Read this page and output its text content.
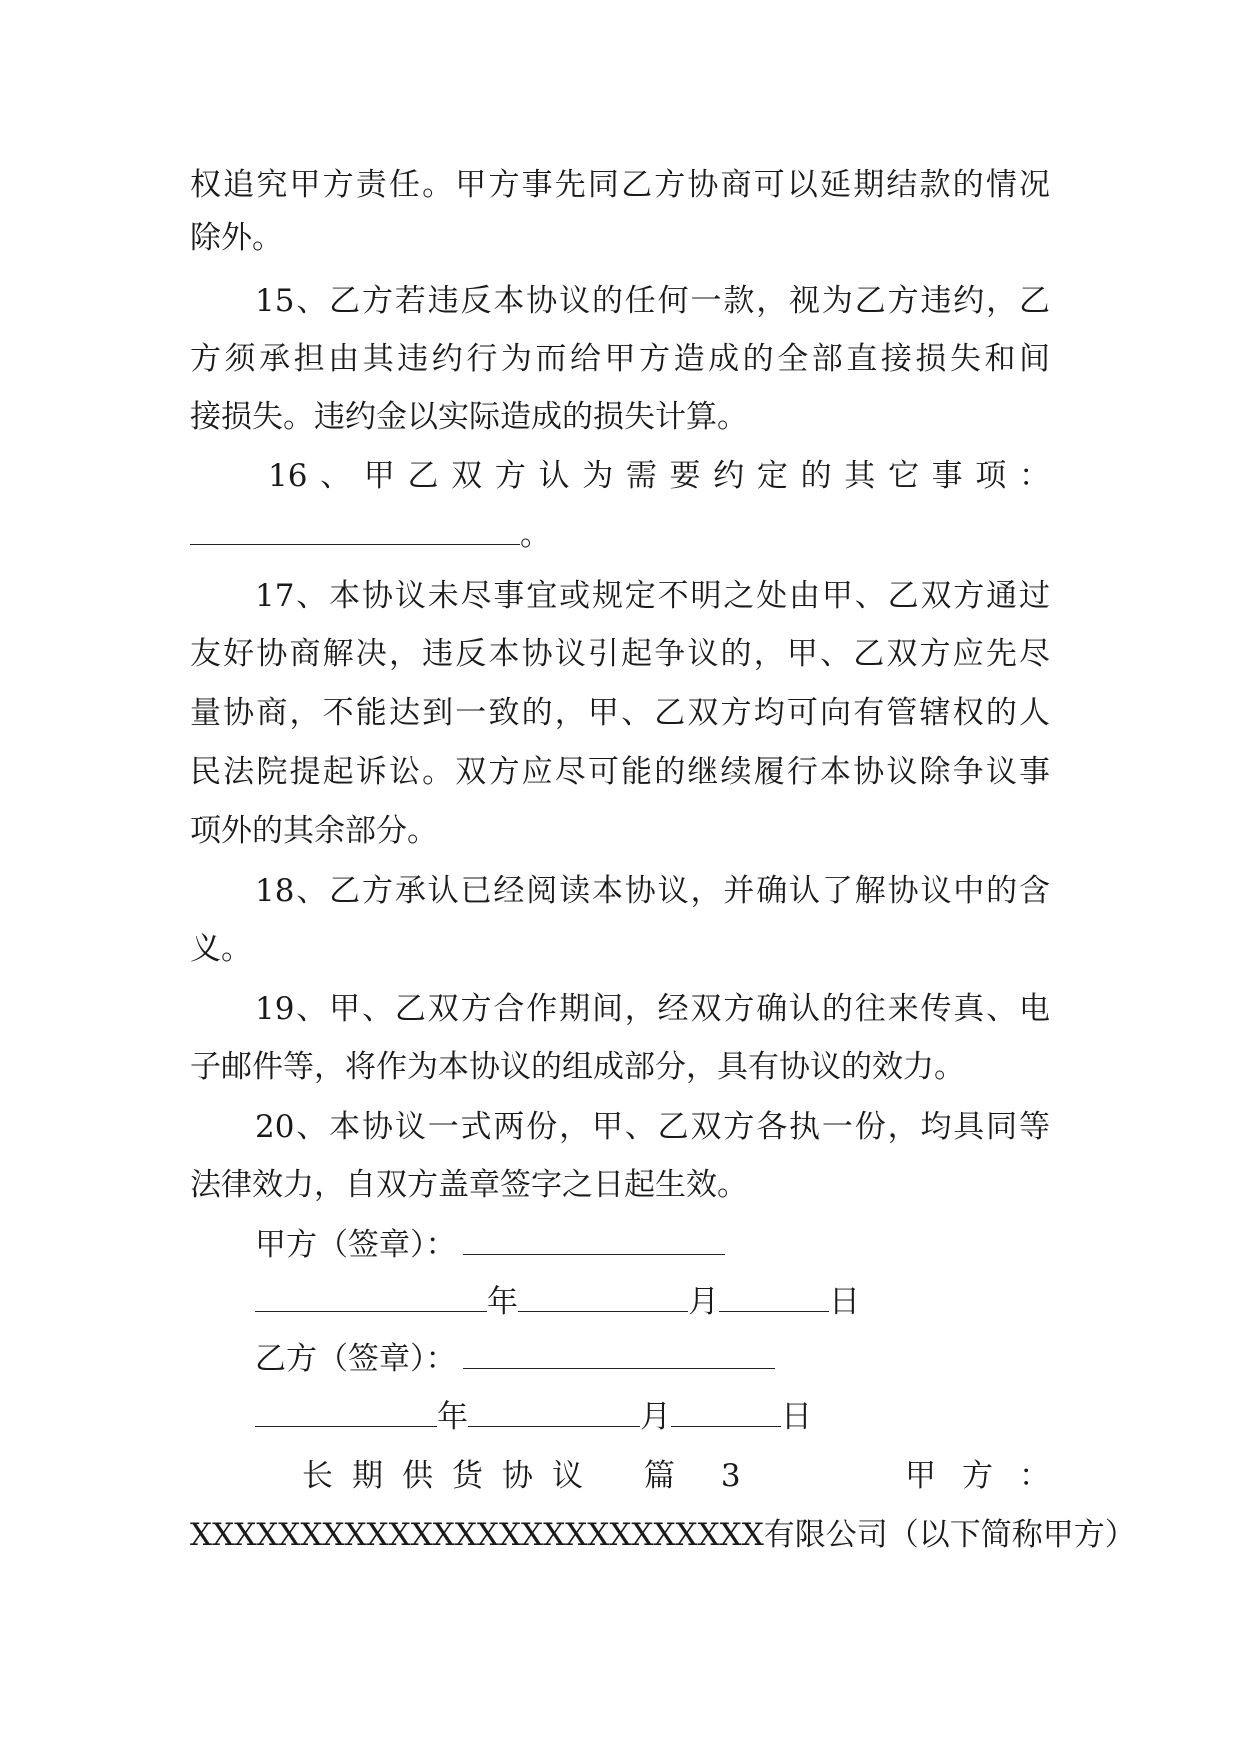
权追究甲方责任。甲方事先同乙方协商可以延期结款的情况
除外。
15、乙方若违反本协议的任何一款，视为乙方违约，乙
方须承担由其违约行为而给甲方造成的全部直接损失和间
接损失。违约金以实际造成的损失计算。
16、甲乙双方认为需要约定的其它事项：
。
17、本协议未尽事宜或规定不明之处由甲、乙双方通过
友好协商解决，违反本协议引起争议的，甲、乙双方应先尽
量协商，不能达到一致的，甲、乙双方均可向有管辖权的人
民法院提起诉讼。双方应尽可能的继续履行本协议除争议事
项外的其余部分。
18、乙方承认已经阅读本协议，并确认了解协议中的含
义。
19、甲、乙双方合作期间，经双方确认的往来传真、电
子邮件等，将作为本协议的组成部分，具有协议的效力。
20、本协议一式两份，甲、乙双方各执一份，均具同等
法律效力，自双方盖章签字之日起生效。
甲方（签章）：
年	月	日
乙方（签章）：
年	月	日
长期供货协议 篇 3	甲方：
XXXXXXXXXXXXXXXXXXXXXXXXXX有限公司（以下简称甲方）
